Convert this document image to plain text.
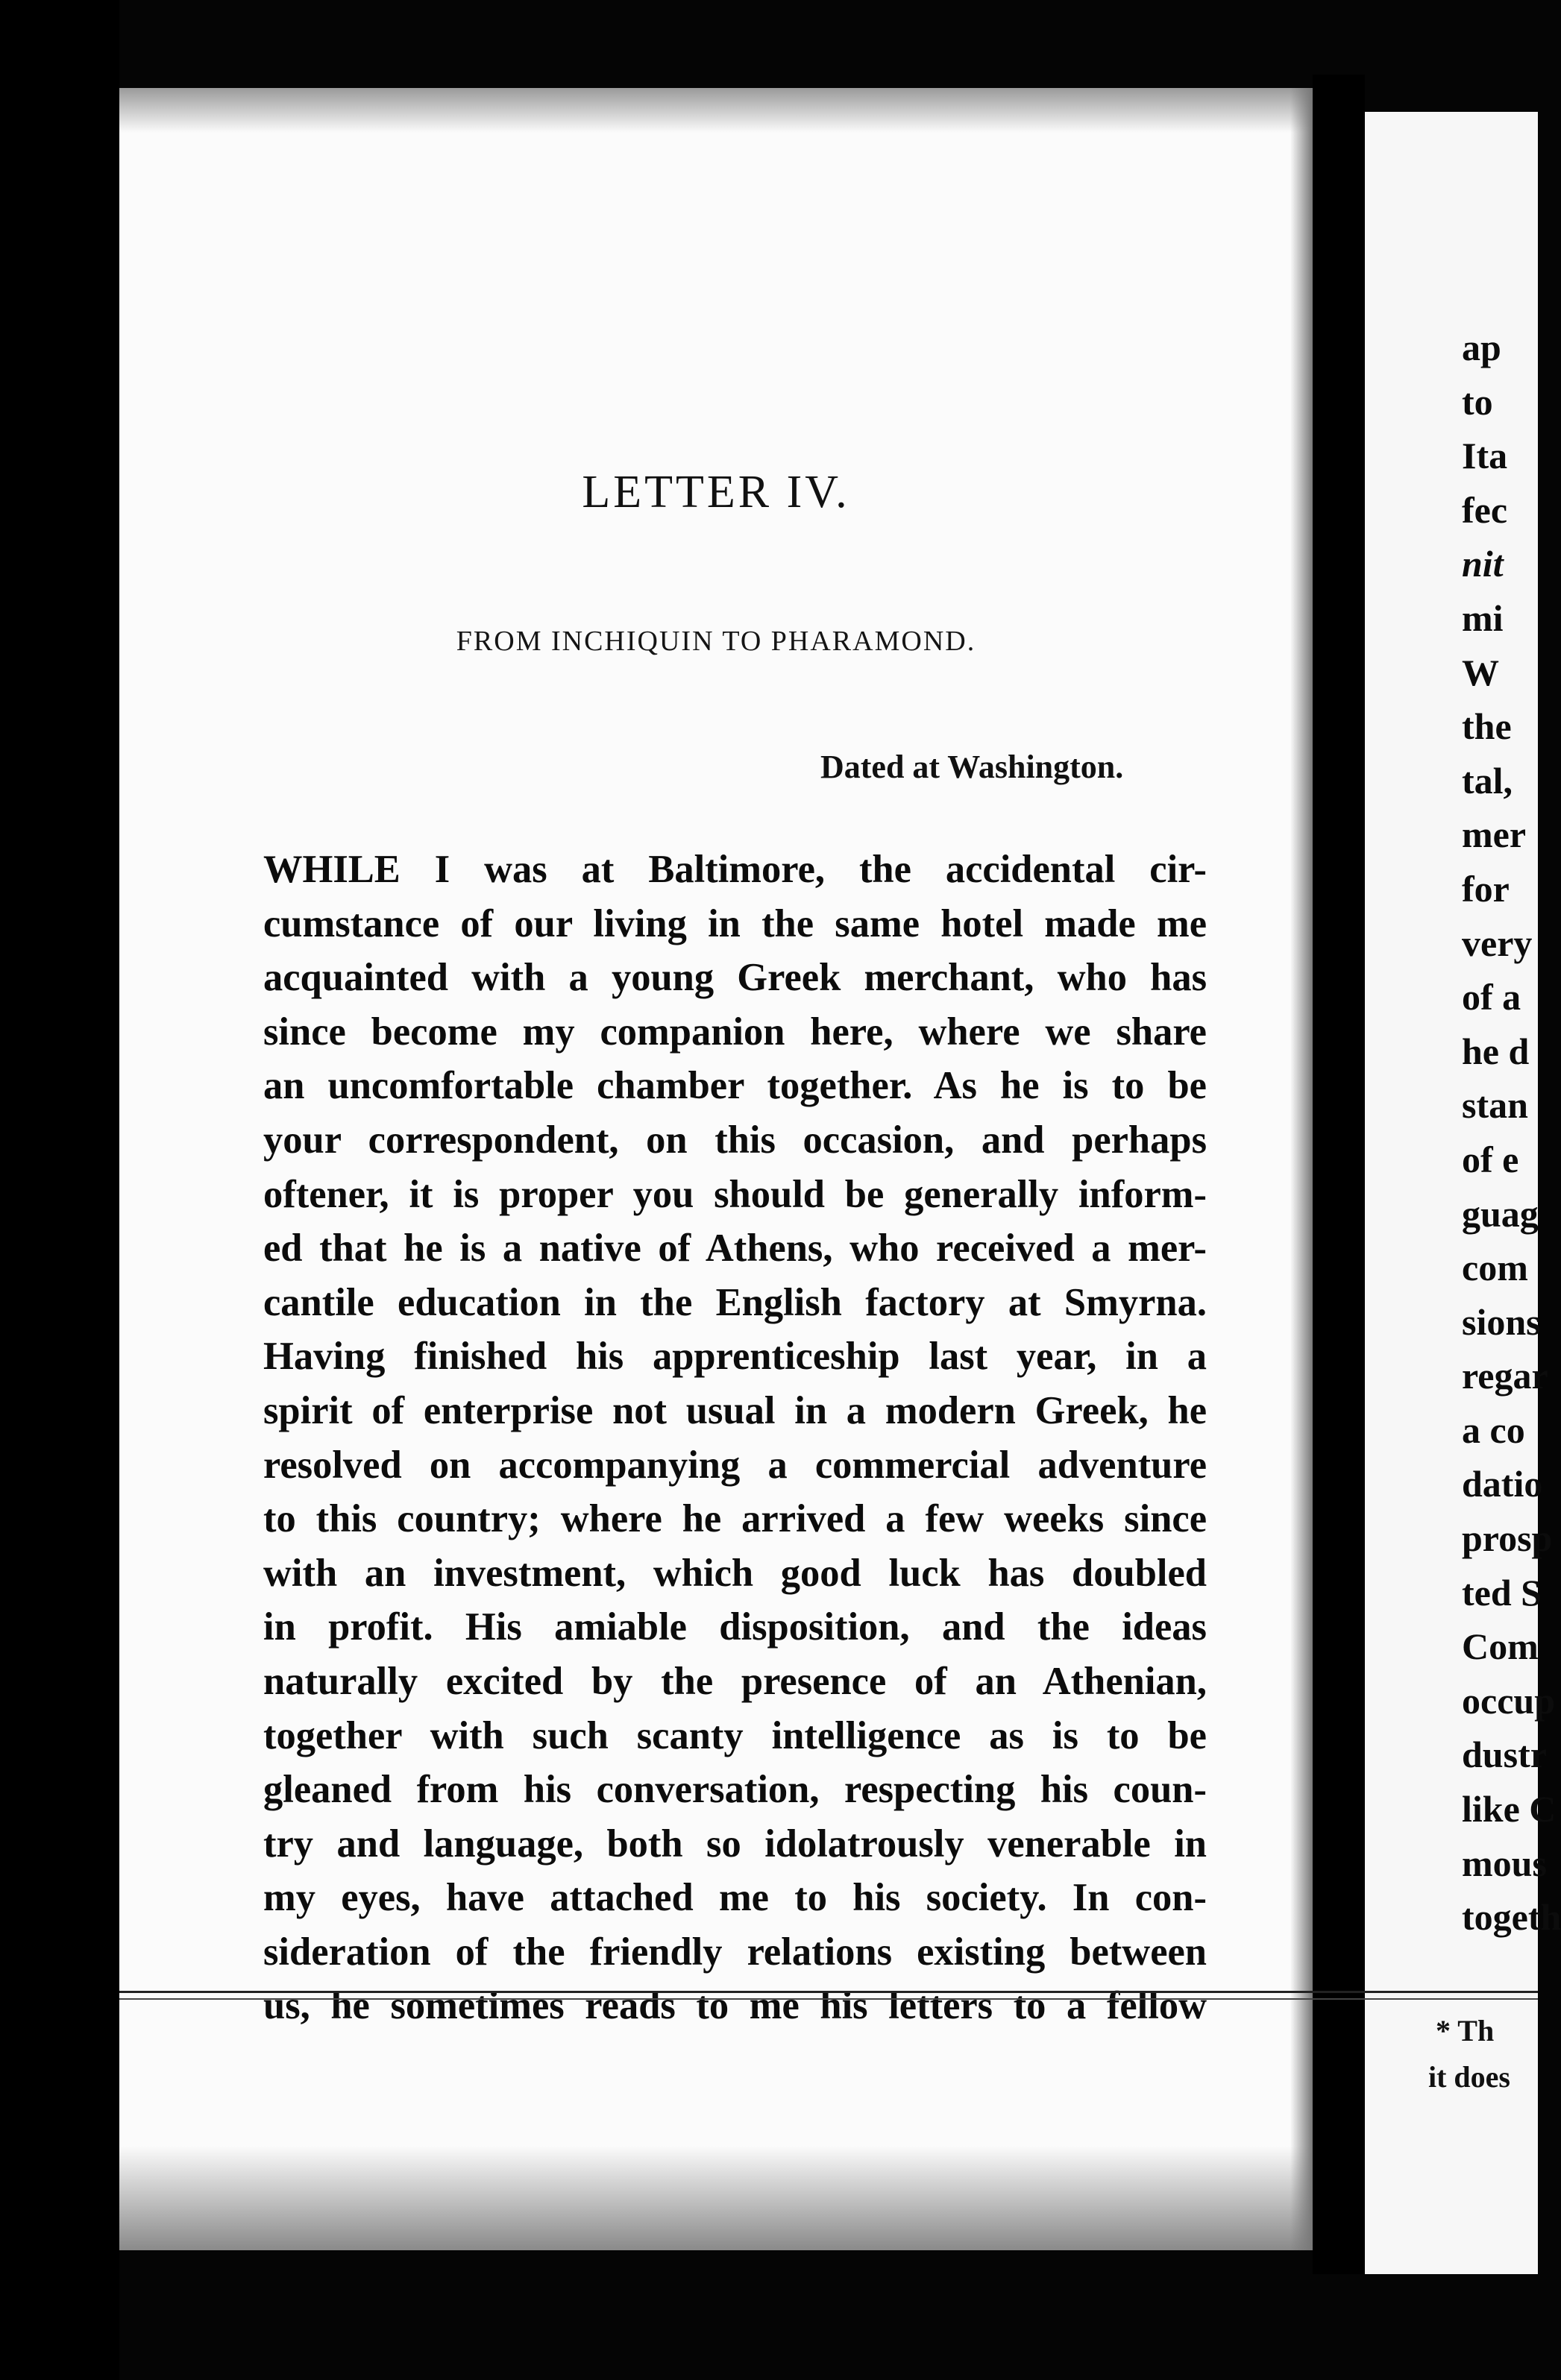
LETTER IV.
FROM INCHIQUIN TO PHARAMOND.
Dated at Washington.
WHILE I was at Baltimore, the accidental cir-
cumstance of our living in the same hotel made me
acquainted with a young Greek merchant, who has
since become my companion here, where we share
an uncomfortable chamber together. As he is to be
your correspondent, on this occasion, and perhaps
oftener, it is proper you should be generally inform-
ed that he is a native of Athens, who received a mer-
cantile education in the English factory at Smyrna.
Having finished his apprenticeship last year, in a
spirit of enterprise not usual in a modern Greek, he
resolved on accompanying a commercial adventure
to this country; where he arrived a few weeks since
with an investment, which good luck has doubled
in profit. His amiable disposition, and the ideas
naturally excited by the presence of an Athenian,
together with such scanty intelligence as is to be
gleaned from his conversation, respecting his coun-
try and language, both so idolatrously venerable in
my eyes, have attached me to his society. In con-
sideration of the friendly relations existing between
us, he sometimes reads to me his letters to a fellow
ap
to
Ita
fec
nit
mi
W
the
tal,
mer
for
very
of a
he d
stan
of e
guag
com
sions
regar
a co
datio
prosp
ted S
Com
occup
dustr
like C
mous
togeth
* Th
it does
